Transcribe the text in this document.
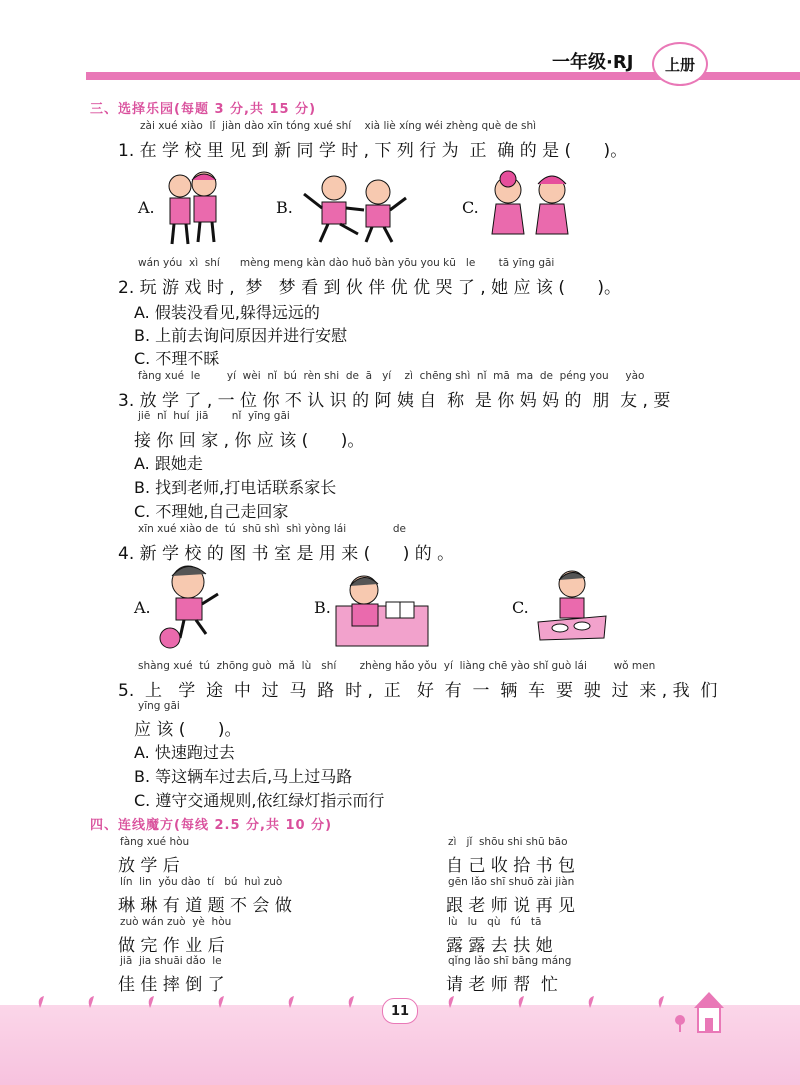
一年级·RJ	上册
三、选择乐园(每题 3 分,共 15 分)
zài xué xiào  lǐ  jiàn dào xīn tóng xué shí    xià liè xíng wéi zhèng què de shì
1. 在 学 校 里 见 到 新 同 学 时 , 下 列 行 为  正  确 的 是 (      )。
A.	B.	C.
wán yóu  xì  shí      mèng meng kàn dào huǒ bàn yōu you kū   le       tā yīng gāi
2. 玩 游 戏 时 ,  梦   梦 看 到 伙 伴 优 优 哭 了 , 她 应 该 (      )。
A. 假装没看见,躲得远远的
B. 上前去询问原因并进行安慰
C. 不理不睬
fàng xué  le        yí  wèi  nǐ  bú  rèn shi  de  ā   yí    zì  chēng shì  nǐ  mā  ma  de  péng you     yào
3. 放 学 了 , 一 位 你 不 认 识 的 阿 姨 自  称  是 你 妈 妈 的  朋  友 , 要
jiē  nǐ  huí  jiā       nǐ  yīng gāi
接 你 回 家 , 你 应 该 (      )。
A. 跟她走
B. 找到老师,打电话联系家长
C. 不理她,自己走回家
xīn xué xiào de  tú  shū shì  shì yòng lái              de
4. 新 学 校 的 图 书 室 是 用 来 (      ) 的 。
A.	B.	C.
shàng xué  tú  zhōng guò  mǎ  lù   shí       zhèng hǎo yǒu  yí  liàng chē yào shǐ guò lái        wǒ men
5.  上   学  途  中  过  马  路  时 ,  正   好  有  一  辆  车  要  驶  过  来 , 我  们
yīng gāi
应 该 (      )。
A. 快速跑过去
B. 等这辆车过去后,马上过马路
C. 遵守交通规则,依红绿灯指示而行
四、连线魔方(每线 2.5 分,共 10 分)
fàng xué hòu
放 学 后
lín  lin  yǒu dào  tí   bú  huì zuò
琳 琳 有 道 题 不 会 做
zuò wán zuò  yè  hòu
做 完 作 业 后
jiā  jia shuāi dǎo  le
佳 佳 摔 倒 了
zì   jǐ  shōu shi shū bāo
自 己 收 拾 书 包
gēn lǎo shī shuō zài jiàn
跟 老 师 说 再 见
lù   lu   qù   fú   tā
露 露 去 扶 她
qǐng lǎo shī bāng máng
请 老 师 帮  忙
11
